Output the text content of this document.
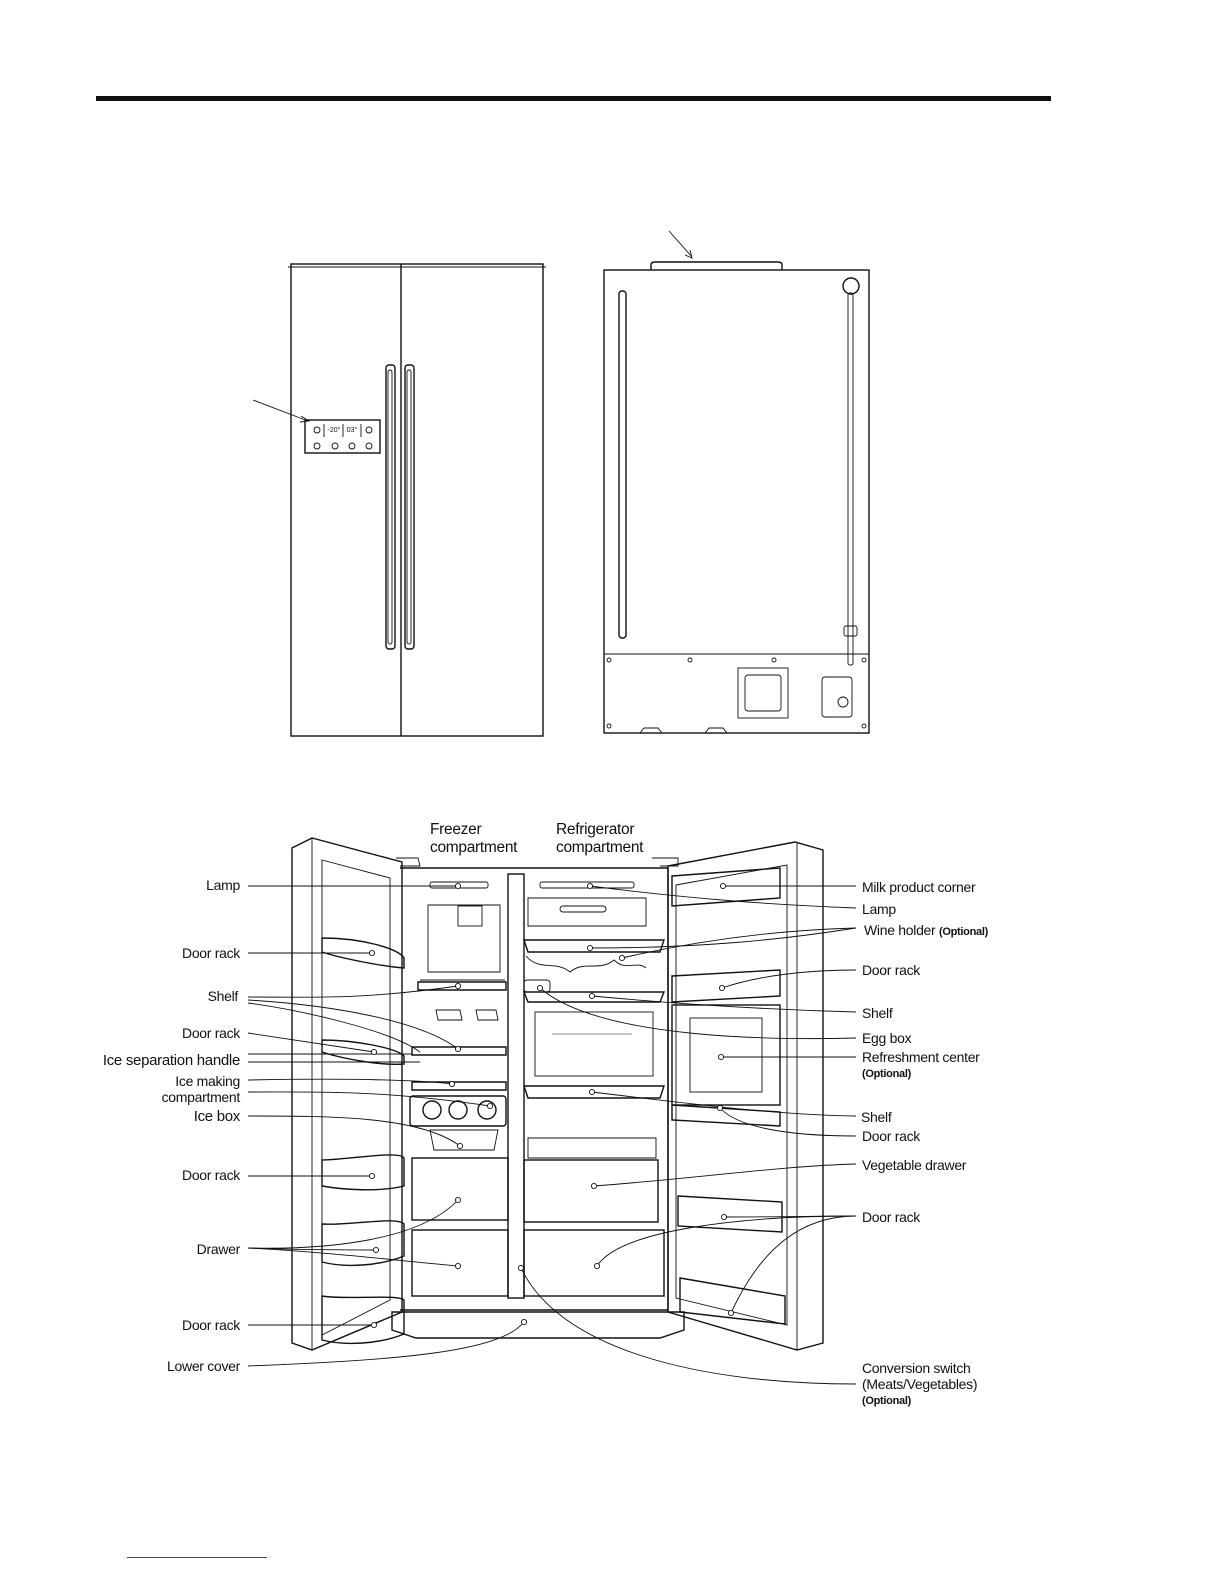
-20° 03°
Freezer
compartment
Refrigerator
compartment
Lamp
Door rack
Shelf
Door rack
Ice separation handle
Ice making
compartment
Ice box
Door rack
Drawer
Door rack
Lower cover
Milk product corner
Lamp
Wine holder (Optional)
Door rack
Shelf
Egg box
Refreshment center
(Optional)
Shelf
Door rack
Vegetable drawer
Door rack
Conversion switch
(Meats/Vegetables)
(Optional)
